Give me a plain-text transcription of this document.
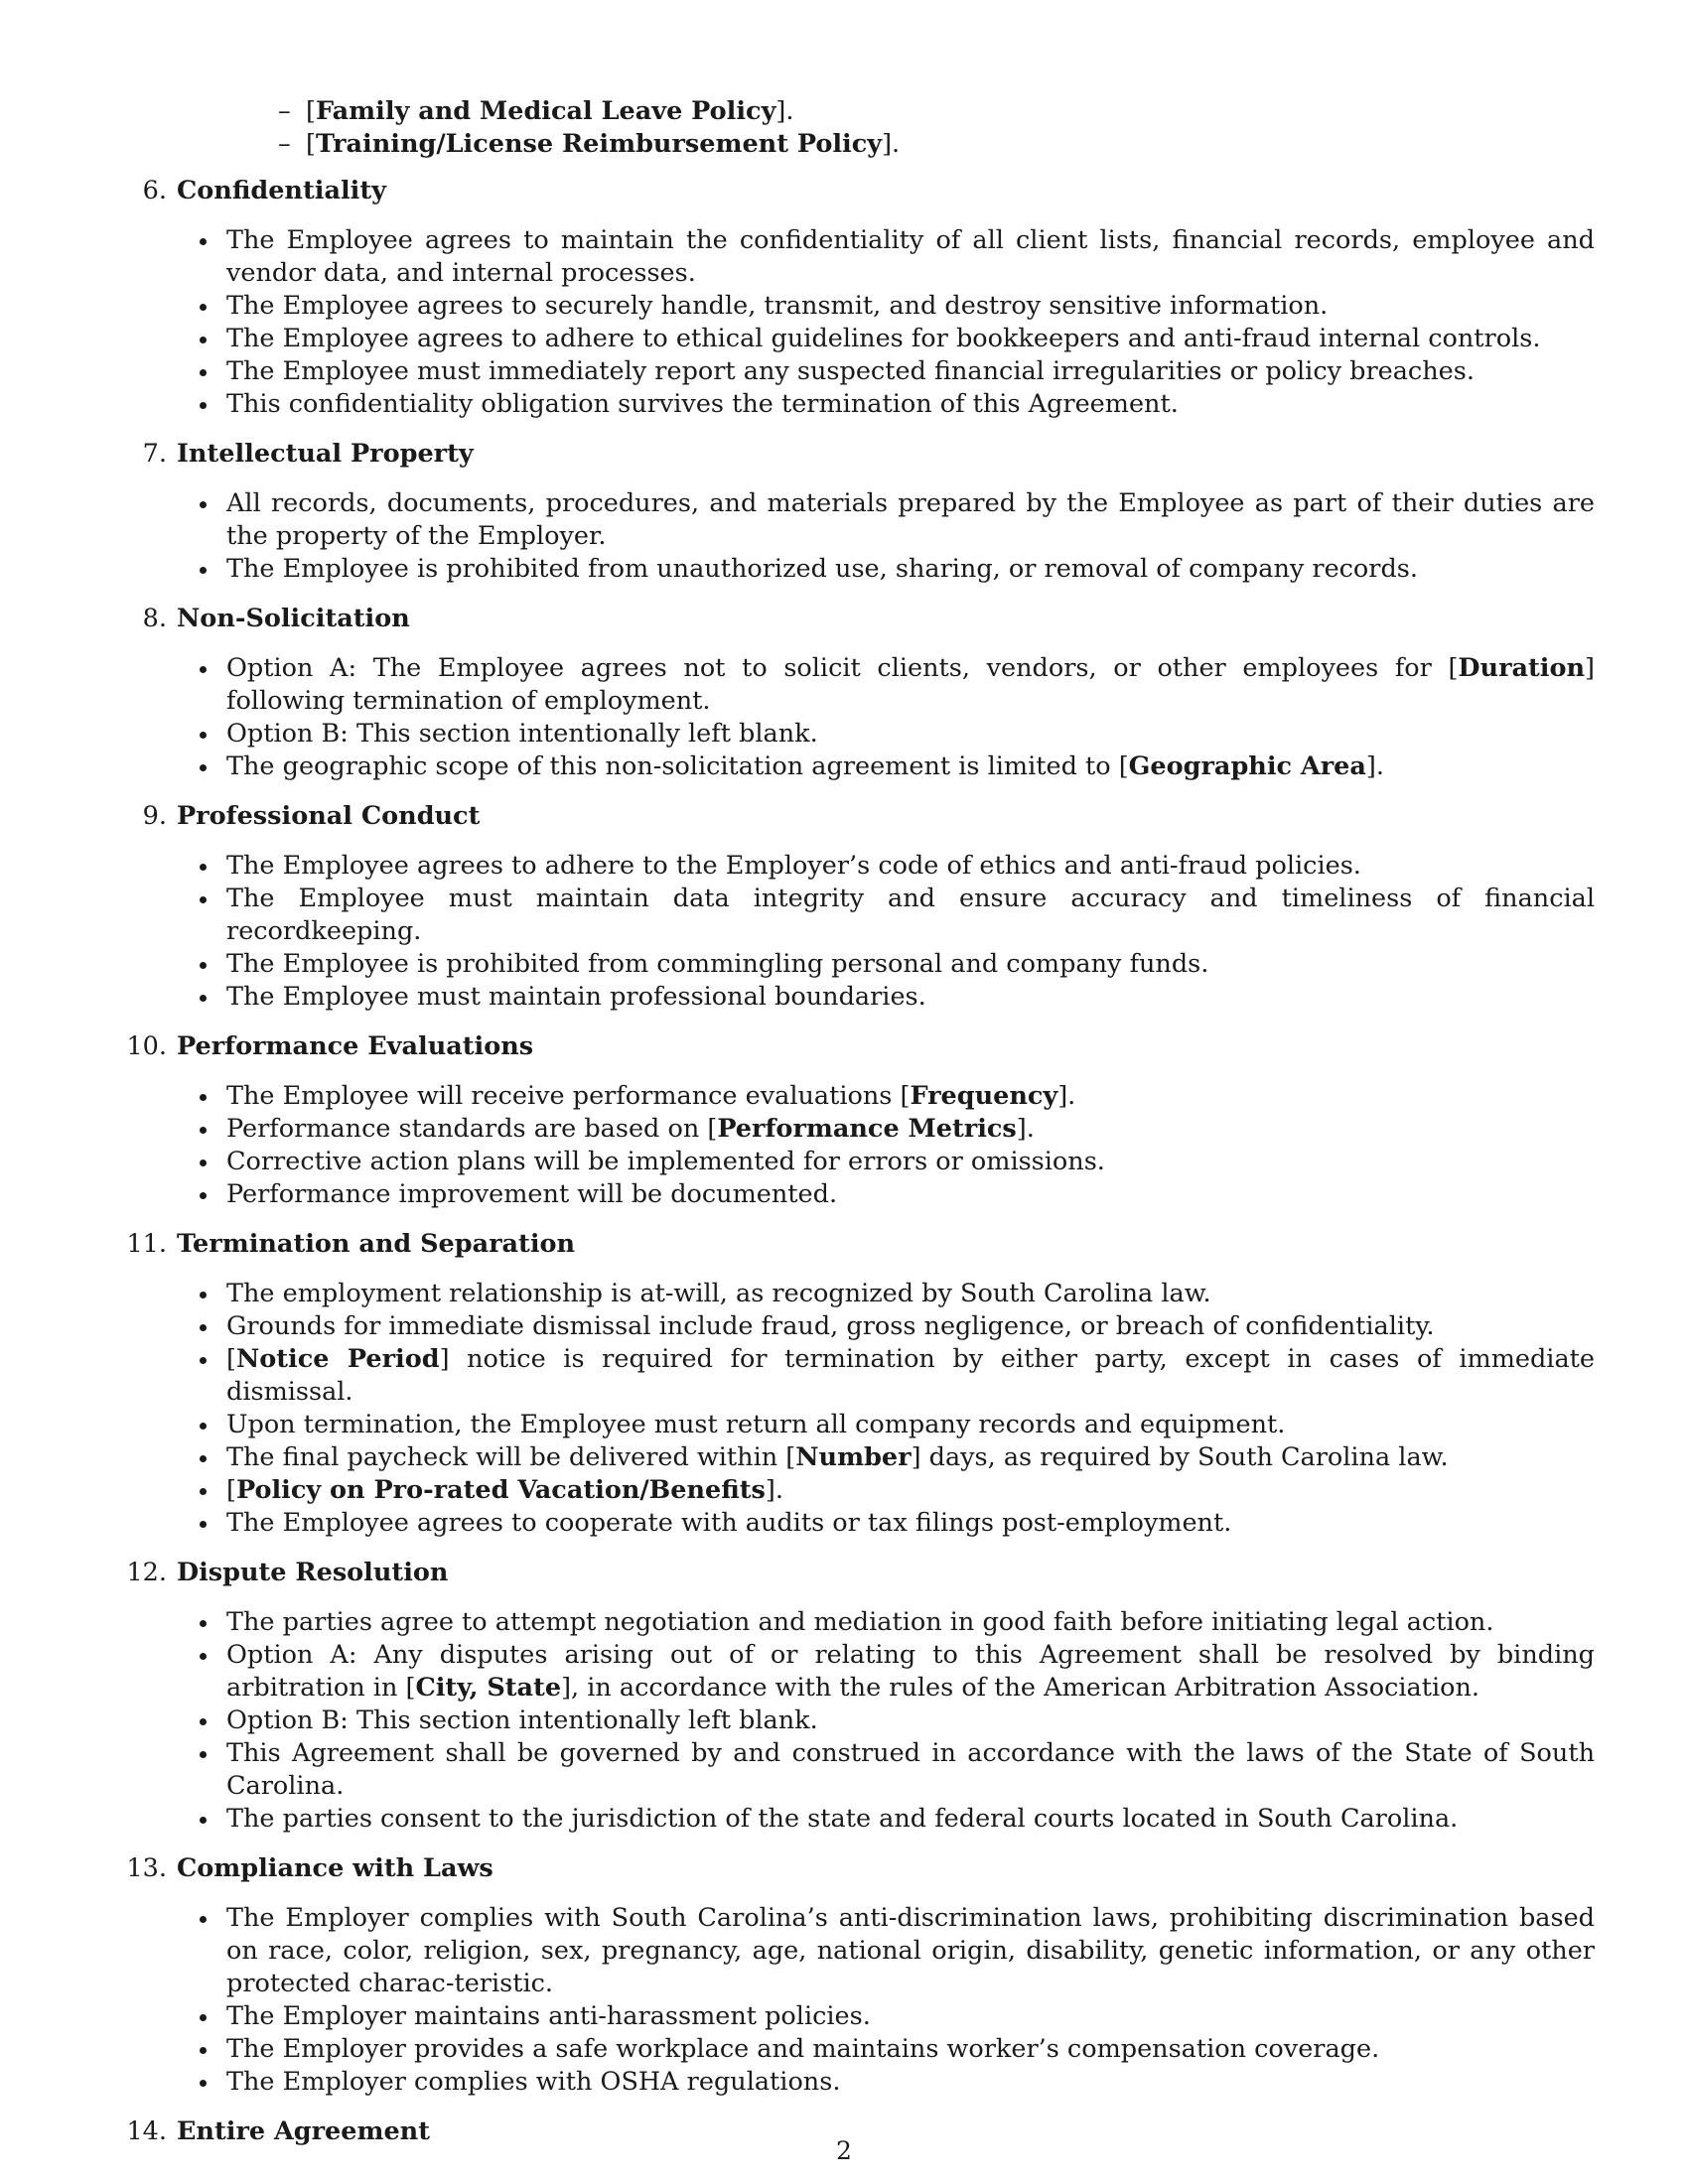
– [Family and Medical Leave Policy].
– [Training/License Reimbursement Policy].
6. Confidentiality
The Employee agrees to maintain the confidentiality of all client lists, financial records, employee and vendor data, and internal processes.
The Employee agrees to securely handle, transmit, and destroy sensitive information.
The Employee agrees to adhere to ethical guidelines for bookkeepers and anti-fraud internal controls.
The Employee must immediately report any suspected financial irregularities or policy breaches.
This confidentiality obligation survives the termination of this Agreement.
7. Intellectual Property
All records, documents, procedures, and materials prepared by the Employee as part of their duties are the property of the Employer.
The Employee is prohibited from unauthorized use, sharing, or removal of company records.
8. Non-Solicitation
Option A: The Employee agrees not to solicit clients, vendors, or other employees for [Duration] following termination of employment.
Option B: This section intentionally left blank.
The geographic scope of this non-solicitation agreement is limited to [Geographic Area].
9. Professional Conduct
The Employee agrees to adhere to the Employer’s code of ethics and anti-fraud policies.
The Employee must maintain data integrity and ensure accuracy and timeliness of financial recordkeeping.
The Employee is prohibited from commingling personal and company funds.
The Employee must maintain professional boundaries.
10. Performance Evaluations
The Employee will receive performance evaluations [Frequency].
Performance standards are based on [Performance Metrics].
Corrective action plans will be implemented for errors or omissions.
Performance improvement will be documented.
11. Termination and Separation
The employment relationship is at-will, as recognized by South Carolina law.
Grounds for immediate dismissal include fraud, gross negligence, or breach of confidentiality.
[Notice Period] notice is required for termination by either party, except in cases of immediate dismissal.
Upon termination, the Employee must return all company records and equipment.
The final paycheck will be delivered within [Number] days, as required by South Carolina law.
[Policy on Pro-rated Vacation/Benefits].
The Employee agrees to cooperate with audits or tax filings post-employment.
12. Dispute Resolution
The parties agree to attempt negotiation and mediation in good faith before initiating legal action.
Option A: Any disputes arising out of or relating to this Agreement shall be resolved by binding arbitration in [City, State], in accordance with the rules of the American Arbitration Association.
Option B: This section intentionally left blank.
This Agreement shall be governed by and construed in accordance with the laws of the State of South Carolina.
The parties consent to the jurisdiction of the state and federal courts located in South Carolina.
13. Compliance with Laws
The Employer complies with South Carolina’s anti-discrimination laws, prohibiting discrimination based on race, color, religion, sex, pregnancy, age, national origin, disability, genetic information, or any other protected charac-teristic.
The Employer maintains anti-harassment policies.
The Employer provides a safe workplace and maintains worker’s compensation coverage.
The Employer complies with OSHA regulations.
14. Entire Agreement
2
